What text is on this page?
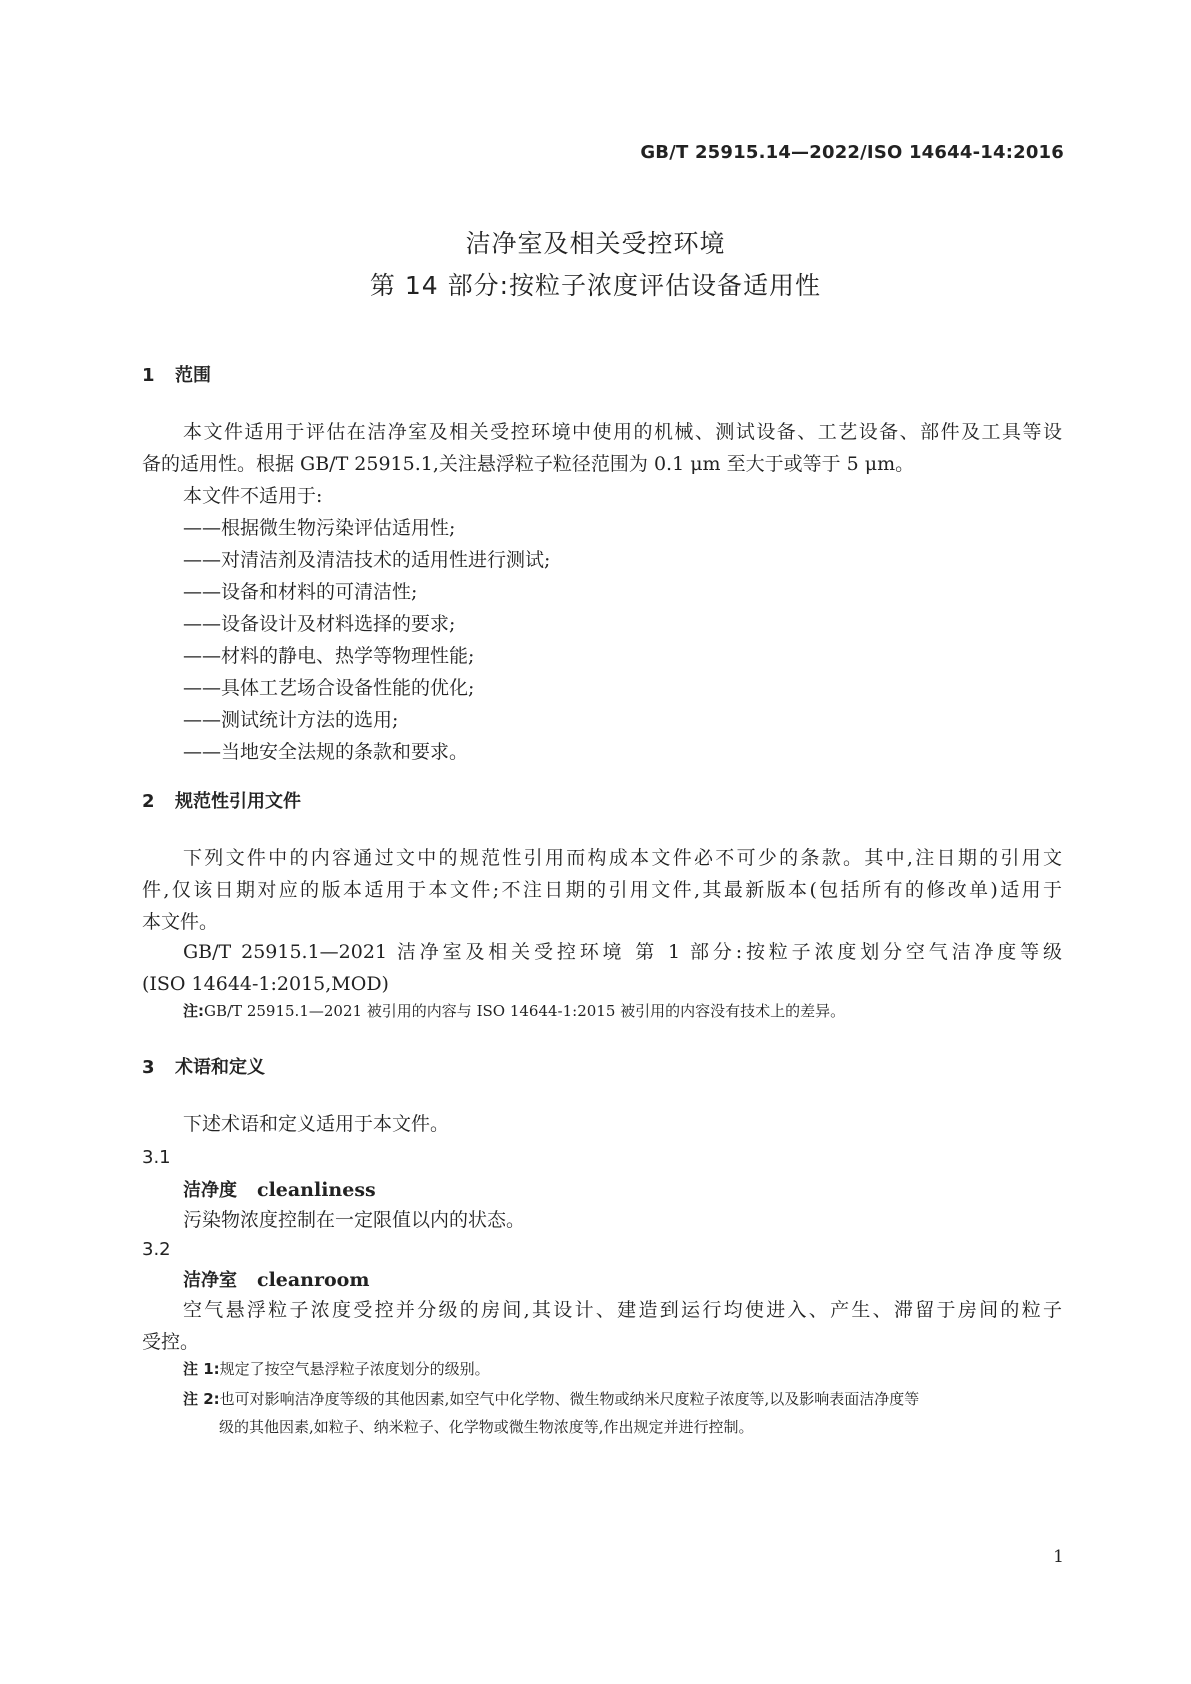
GB/T 25915.14—2022/ISO 14644-14:2016
洁净室及相关受控环境
第 14 部分:按粒子浓度评估设备适用性
1 范围
本文件适用于评估在洁净室及相关受控环境中使用的机械、测试设备、工艺设备、部件及工具等设
备的适用性。根据 GB/T 25915.1,关注悬浮粒子粒径范围为 0.1 μm 至大于或等于 5 μm。
本文件不适用于:
——根据微生物污染评估适用性;
——对清洁剂及清洁技术的适用性进行测试;
——设备和材料的可清洁性;
——设备设计及材料选择的要求;
——材料的静电、热学等物理性能;
——具体工艺场合设备性能的优化;
——测试统计方法的选用;
——当地安全法规的条款和要求。
2 规范性引用文件
下列文件中的内容通过文中的规范性引用而构成本文件必不可少的条款。其中,注日期的引用文
件,仅该日期对应的版本适用于本文件;不注日期的引用文件,其最新版本(包括所有的修改单)适用于
本文件。
GB/T 25915.1—2021 洁净室及相关受控环境 第 1 部分:按粒子浓度划分空气洁净度等级
(ISO 14644-1:2015,MOD)
注:GB/T 25915.1—2021 被引用的内容与 ISO 14644-1:2015 被引用的内容没有技术上的差异。
3 术语和定义
下述术语和定义适用于本文件。
3.1
洁净度 cleanliness
污染物浓度控制在一定限值以内的状态。
3.2
洁净室 cleanroom
空气悬浮粒子浓度受控并分级的房间,其设计、建造到运行均使进入、产生、滞留于房间的粒子
受控。
注 1:规定了按空气悬浮粒子浓度划分的级别。
注 2:也可对影响洁净度等级的其他因素,如空气中化学物、微生物或纳米尺度粒子浓度等,以及影响表面洁净度等
级的其他因素,如粒子、纳米粒子、化学物或微生物浓度等,作出规定并进行控制。
1
